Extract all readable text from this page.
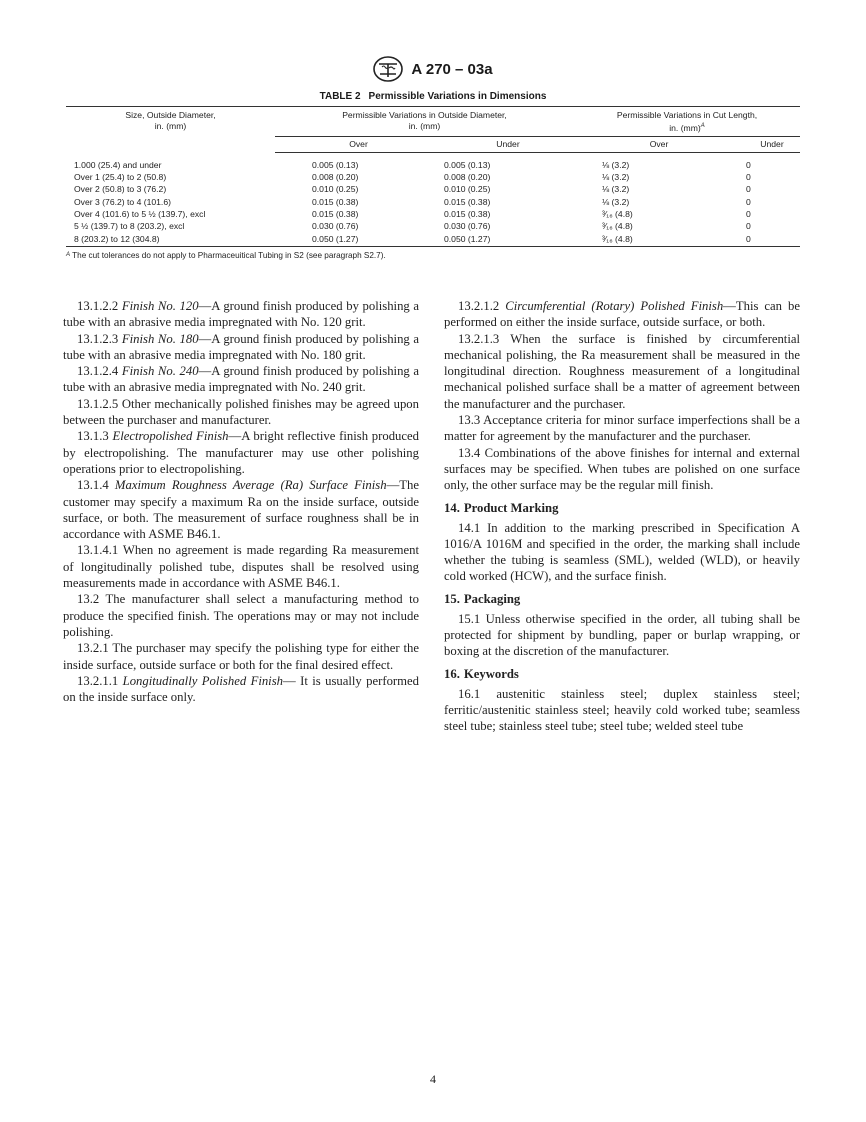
A 270 – 03a
TABLE 2 Permissible Variations in Dimensions
Size, Outside Diameter, in. (mm)	Permissible Variations in Outside Diameter, in. (mm)		Permissible Variations in Cut Length, in. (mm)$^A$

	Over	Under	Over	Under
1.000 (25.4) and under	0.005 (0.13)	0.005 (0.13)	⅛ (3.2)	0
Over 1 (25.4) to 2 (50.8)	0.008 (0.20)	0.008 (0.20)	⅛ (3.2)	0
Over 2 (50.8) to 3 (76.2)	0.010 (0.25)	0.010 (0.25)	⅛ (3.2)	0
Over 3 (76.2) to 4 (101.6)	0.015 (0.38)	0.015 (0.38)	⅛ (3.2)	0
Over 4 (101.6) to 5 ½ (139.7), excl	0.015 (0.38)	0.015 (0.38)	³⁄₁₆ (4.8)	0
5 ½ (139.7) to 8 (203.2), excl	0.030 (0.76)	0.030 (0.76)	³⁄₁₆ (4.8)	0
8 (203.2) to 12 (304.8)	0.050 (1.27)	0.050 (1.27)	³⁄₁₆ (4.8)	0
$^A$ The cut tolerances do not apply to Pharmaceuitical Tubing in S2 (see paragraph S2.7).

13.1.2.2 Finish No. 120—A ground finish produced by polishing a tube with an abrasive media impregnated with No. 120 grit.

13.1.2.3 Finish No. 180—A ground finish produced by polishing a tube with an abrasive media impregnated with No. 180 grit.

13.1.2.4 Finish No. 240—A ground finish produced by polishing a tube with an abrasive media impregnated with No. 240 grit.

13.1.2.5 Other mechanically polished finishes may be agreed upon between the purchaser and manufacturer.

13.1.3 Electropolished Finish—A bright reflective finish produced by electropolishing. The manufacturer may use other polishing operations prior to electropolishing.

13.1.4 Maximum Roughness Average (Ra) Surface Finish—The customer may specify a maximum Ra on the inside surface, outside surface, or both. The measurement of surface roughness shall be in accordance with ASME B46.1.

13.1.4.1 When no agreement is made regarding Ra measurement of longitudinally polished tube, disputes shall be resolved using measurements made in accordance with ASME B46.1.

13.2 The manufacturer shall select a manufacturing method to produce the specified finish. The operations may or may not include polishing.

13.2.1 The purchaser may specify the polishing type for either the inside surface, outside surface or both for the final desired effect.

13.2.1.1 Longitudinally Polished Finish— It is usually performed on the inside surface only.

13.2.1.2 Circumferential (Rotary) Polished Finish—This can be performed on either the inside surface, outside surface, or both.

13.2.1.3 When the surface is finished by circumferential mechanical polishing, the Ra measurement shall be measured in the longitudinal direction. Roughness measurement of a longitudinal mechanical polished surface shall be a matter of agreement between the manufacturer and the purchaser.

13.3 Acceptance criteria for minor surface imperfections shall be a matter for agreement by the manufacturer and the purchaser.

13.4 Combinations of the above finishes for internal and external surfaces may be specified. When tubes are polished on one surface only, the other surface may be the regular mill finish.

14. Product Marking

14.1 In addition to the marking prescribed in Specification A 1016/A 1016M and specified in the order, the marking shall include whether the tubing is seamless (SML), welded (WLD), or heavily cold worked (HCW), and the surface finish.

15. Packaging

15.1 Unless otherwise specified in the order, all tubing shall be protected for shipment by bundling, paper or burlap wrapping, or boxing at the discretion of the manufacturer.

16. Keywords

16.1 austenitic stainless steel; duplex stainless steel; ferritic/austenitic stainless steel; heavily cold worked tube; seamless steel tube; stainless steel tube; steel tube; welded steel tube

4
